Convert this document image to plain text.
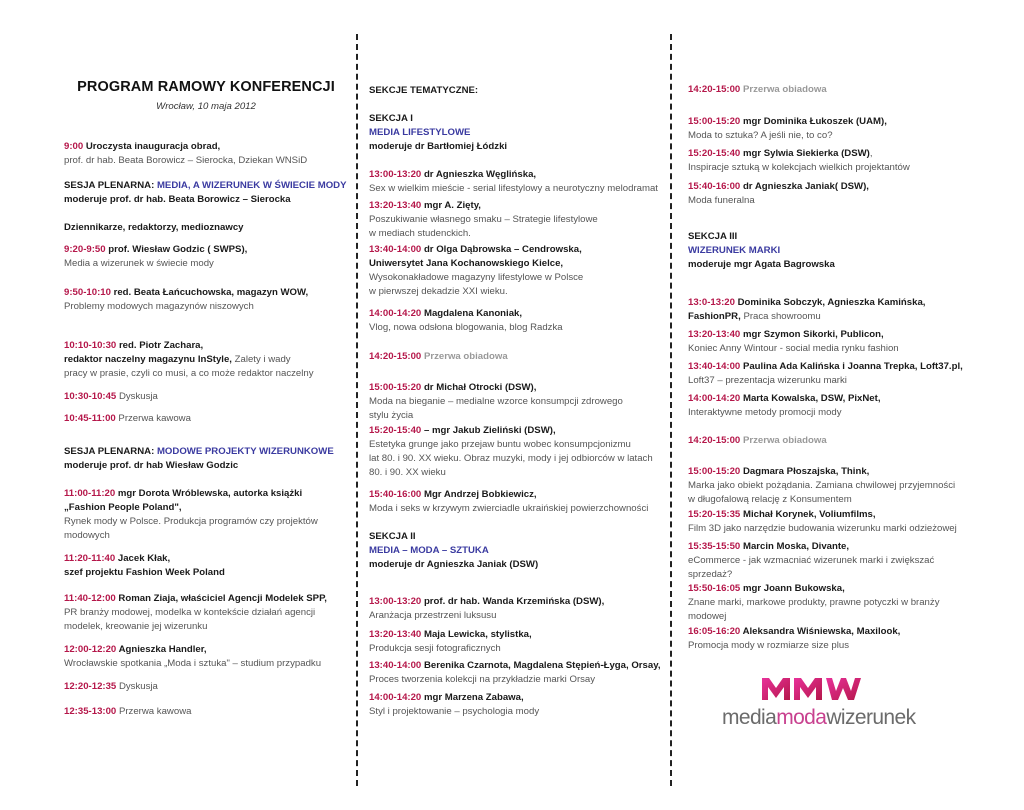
PROGRAM RAMOWY KONFERENCJI
Wrocław, 10 maja 2012
9:00 Uroczysta inauguracja obrad,
prof. dr hab. Beata Borowicz – Sierocka, Dziekan WNSiD
SESJA PLENARNA: MEDIA, A WIZERUNEK W ŚWIECIE MODY
moderuje prof. dr hab. Beata Borowicz – Sierocka
Dziennikarze, redaktorzy, medioznawcy
9:20-9:50 prof. Wiesław Godzic ( SWPS),
Media a wizerunek w świecie mody
9:50-10:10 red. Beata Łańcuchowska, magazyn WOW,
Problemy modowych magazynów niszowych
10:10-10:30 red. Piotr Zachara,
redaktor naczelny magazynu InStyle, Zalety i wady
pracy w prasie, czyli co musi, a co może redaktor naczelny
10:30-10:45 Dyskusja
10:45-11:00 Przerwa kawowa
SESJA PLENARNA: MODOWE PROJEKTY WIZERUNKOWE
moderuje prof. dr hab Wiesław Godzic
11:00-11:20 mgr Dorota Wróblewska, autorka książki
„Fashion People Poland",
Rynek mody w Polsce. Produkcja programów czy projektów
modowych
11:20-11:40 Jacek Kłak,
szef projektu Fashion Week Poland
11:40-12:00 Roman Ziaja, właściciel Agencji Modelek SPP,
PR branży modowej, modelka w kontekście działań agencji
modelek, kreowanie jej wizerunku
12:00-12:20 Agnieszka Handler,
Wrocławskie spotkania „Moda i sztuka" – studium przypadku
12:20-12:35 Dyskusja
12:35-13:00 Przerwa kawowa
SEKCJE TEMATYCZNE:
SEKCJA I
MEDIA LIFESTYLOWE
moderuje dr Bartłomiej Łódzki
13:00-13:20 dr Agnieszka Węglińska,
Sex w wielkim mieście - serial lifestylowy a neurotyczny melodramat
13:20-13:40 mgr A. Ziętу,
Poszukiwanie własnego smaku – Strategie lifestylowe
w mediach studenckich.
13:40-14:00 dr Olga Dąbrowska – Cendrowska,
Uniwersytet Jana Kochanowskiego Kielce,
Wysokonakładowe magazyny lifestylowe w Polsce
w pierwszej dekadzie XXI wieku.
14:00-14:20 Magdalena Kanoniak,
Vlog, nowa odsłona blogowania, blog Radzka
14:20-15:00 Przerwa obiadowa
15:00-15:20 dr Michał Otrocki (DSW),
Moda na bieganie – medialne wzorce konsumpcji zdrowego
stylu życia
15:20-15:40 – mgr Jakub Zieliński (DSW),
Estetyka grunge jako przejaw buntu wobec konsumpcjonizmu
lat 80. i 90. XX wieku. Obraz muzyki, mody i jej odbiorców w latach
80. i 90. XX wieku
15:40-16:00 Mgr Andrzej Bobkiewicz,
Moda i seks w krzywym zwierciadle ukraińskiej powierzchowności
SEKCJA II
MEDIA – MODA – SZTUKA
moderuje dr Agnieszka Janiak (DSW)
13:00-13:20 prof. dr hab. Wanda Krzemińska (DSW),
Aranżacja przestrzeni luksusu
13:20-13:40 Maja Lewicka, stylistka,
Produkcja sesji fotograficznych
13:40-14:00 Berenika Czarnota, Magdalena Stępień-Łyga, Orsay,
Proces tworzenia kolekcji na przykładzie marki Orsay
14:00-14:20 mgr Marzena Zabawa,
Styl i projektowanie – psychologia mody
14:20-15:00 Przerwa obiadowa
15:00-15:20 mgr Dominika Łukoszek (UAM),
Moda to sztuka? A jeśli nie, to co?
15:20-15:40 mgr Sylwia Siekierka (DSW),
Inspiracje sztuką w kolekcjach wielkich projektantów
15:40-16:00 dr Agnieszka Janiak( DSW),
Moda funeralna
SEKCJA III
WIZERUNEK MARKI
moderuje mgr Agata Bagrowska
13:0-13:20 Dominika Sobczyk, Agnieszka Kamińska,
FashionPR, Praca showroomu
13:20-13:40 mgr Szymon Sikorki, Publicon,
Koniec Anny Wintour - social media rynku fashion
13:40-14:00 Paulina Ada Kalińska i Joanna Trepka, Loft37.pl,
Loft37 – prezentacja wizerunku marki
14:00-14:20 Marta Kowalska, DSW, PixNet,
Interaktywne metody promocji mody
14:20-15:00 Przerwa obiadowa
15:00-15:20 Dagmara Płoszajska, Think,
Marka jako obiekt pożądania. Zamiana chwilowej przyjemności
w długofalową relację z Konsumentem
15:20-15:35 Michał Korynek, Voliumfilms,
Film 3D jako narzędzie budowania wizerunku marki odzieżowej
15:35-15:50 Marcin Moska, Divante,
eCommerce - jak wzmacniać wizerunek marki i zwiększać
sprzedaż?
15:50-16:05 mgr Joann Bukowska,
Znane marki, markowe produkty, prawne potyczki w branży
modowej
16:05-16:20 Aleksandra Wiśniewska, Maxilook,
Promocja mody w rozmiarze size plus
mediamodawizerunek
